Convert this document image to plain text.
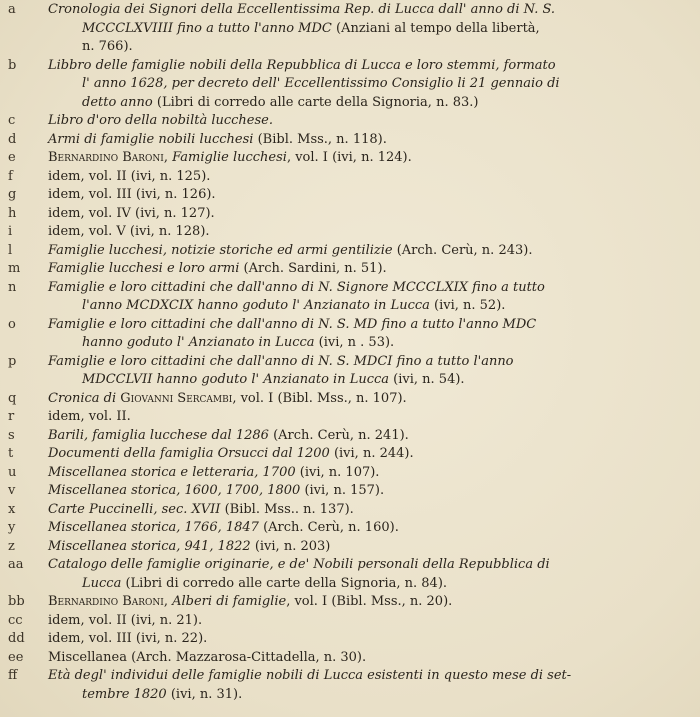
a	Cronologia dei Signori della Eccellentissima Rep. di Lucca dall' anno di N. S.
MCCCLXVIIII fino a tutto l'anno MDC (Anziani al tempo della libertà,
n. 766).
b	Libbro delle famiglie nobili della Repubblica di Lucca e loro stemmi, formato
l' anno 1628, per decreto dell' Eccellentissimo Consiglio li 21 gennaio di
detto anno (Libri di corredo alle carte della Signoria, n. 83.)
c	Libro d'oro della nobiltà lucchese.
d	Armi di famiglie nobili lucchesi (Bibl. Mss., n. 118).
e	Bernardino Baroni, Famiglie lucchesi, vol. I (ivi, n. 124).
f	idem, vol. II (ivi, n. 125).
g	idem, vol. III (ivi, n. 126).
h	idem, vol. IV (ivi, n. 127).
i	idem, vol. V (ivi, n. 128).
l	Famiglie lucchesi, notizie storiche ed armi gentilizie (Arch. Cerù, n. 243).
m	Famiglie lucchesi e loro armi (Arch. Sardini, n. 51).
n	Famiglie e loro cittadini che dall'anno di N. Signore MCCCLXIX fino a tutto
l'anno MCDXCIX hanno goduto l' Anzianato in Lucca (ivi, n. 52).
o	Famiglie e loro cittadini che dall'anno di N. S. MD fino a tutto l'anno MDC
hanno goduto l' Anzianato in Lucca (ivi, n . 53).
p	Famiglie e loro cittadini che dall'anno di N. S. MDCI fino a tutto l'anno
MDCCLVII hanno goduto l' Anzianato in Lucca (ivi, n. 54).
q	Cronica di Giovanni Sercambi, vol. I (Bibl. Mss., n. 107).
r	idem, vol. II.
s	Barili, famiglia lucchese dal 1286 (Arch. Cerù, n. 241).
t	Documenti della famiglia Orsucci dal 1200 (ivi, n. 244).
u	Miscellanea storica e letteraria, 1700 (ivi, n. 107).
v	Miscellanea storica, 1600, 1700, 1800 (ivi, n. 157).
x	Carte Puccinelli, sec. XVII (Bibl. Mss.. n. 137).
y	Miscellanea storica, 1766, 1847 (Arch. Cerù, n. 160).
z	Miscellanea storica, 941, 1822 (ivi, n. 203)
aa	Catalogo delle famiglie originarie, e de' Nobili personali della Repubblica di
Lucca (Libri di corredo alle carte della Signoria, n. 84).
bb	Bernardino Baroni, Alberi di famiglie, vol. I (Bibl. Mss., n. 20).
cc	idem, vol. II (ivi, n. 21).
dd	idem, vol. III (ivi, n. 22).
ee	Miscellanea (Arch. Mazzarosa-Cittadella, n. 30).
ff	Età degl' individui delle famiglie nobili di Lucca esistenti in questo mese di set-
tembre 1820 (ivi, n. 31).
